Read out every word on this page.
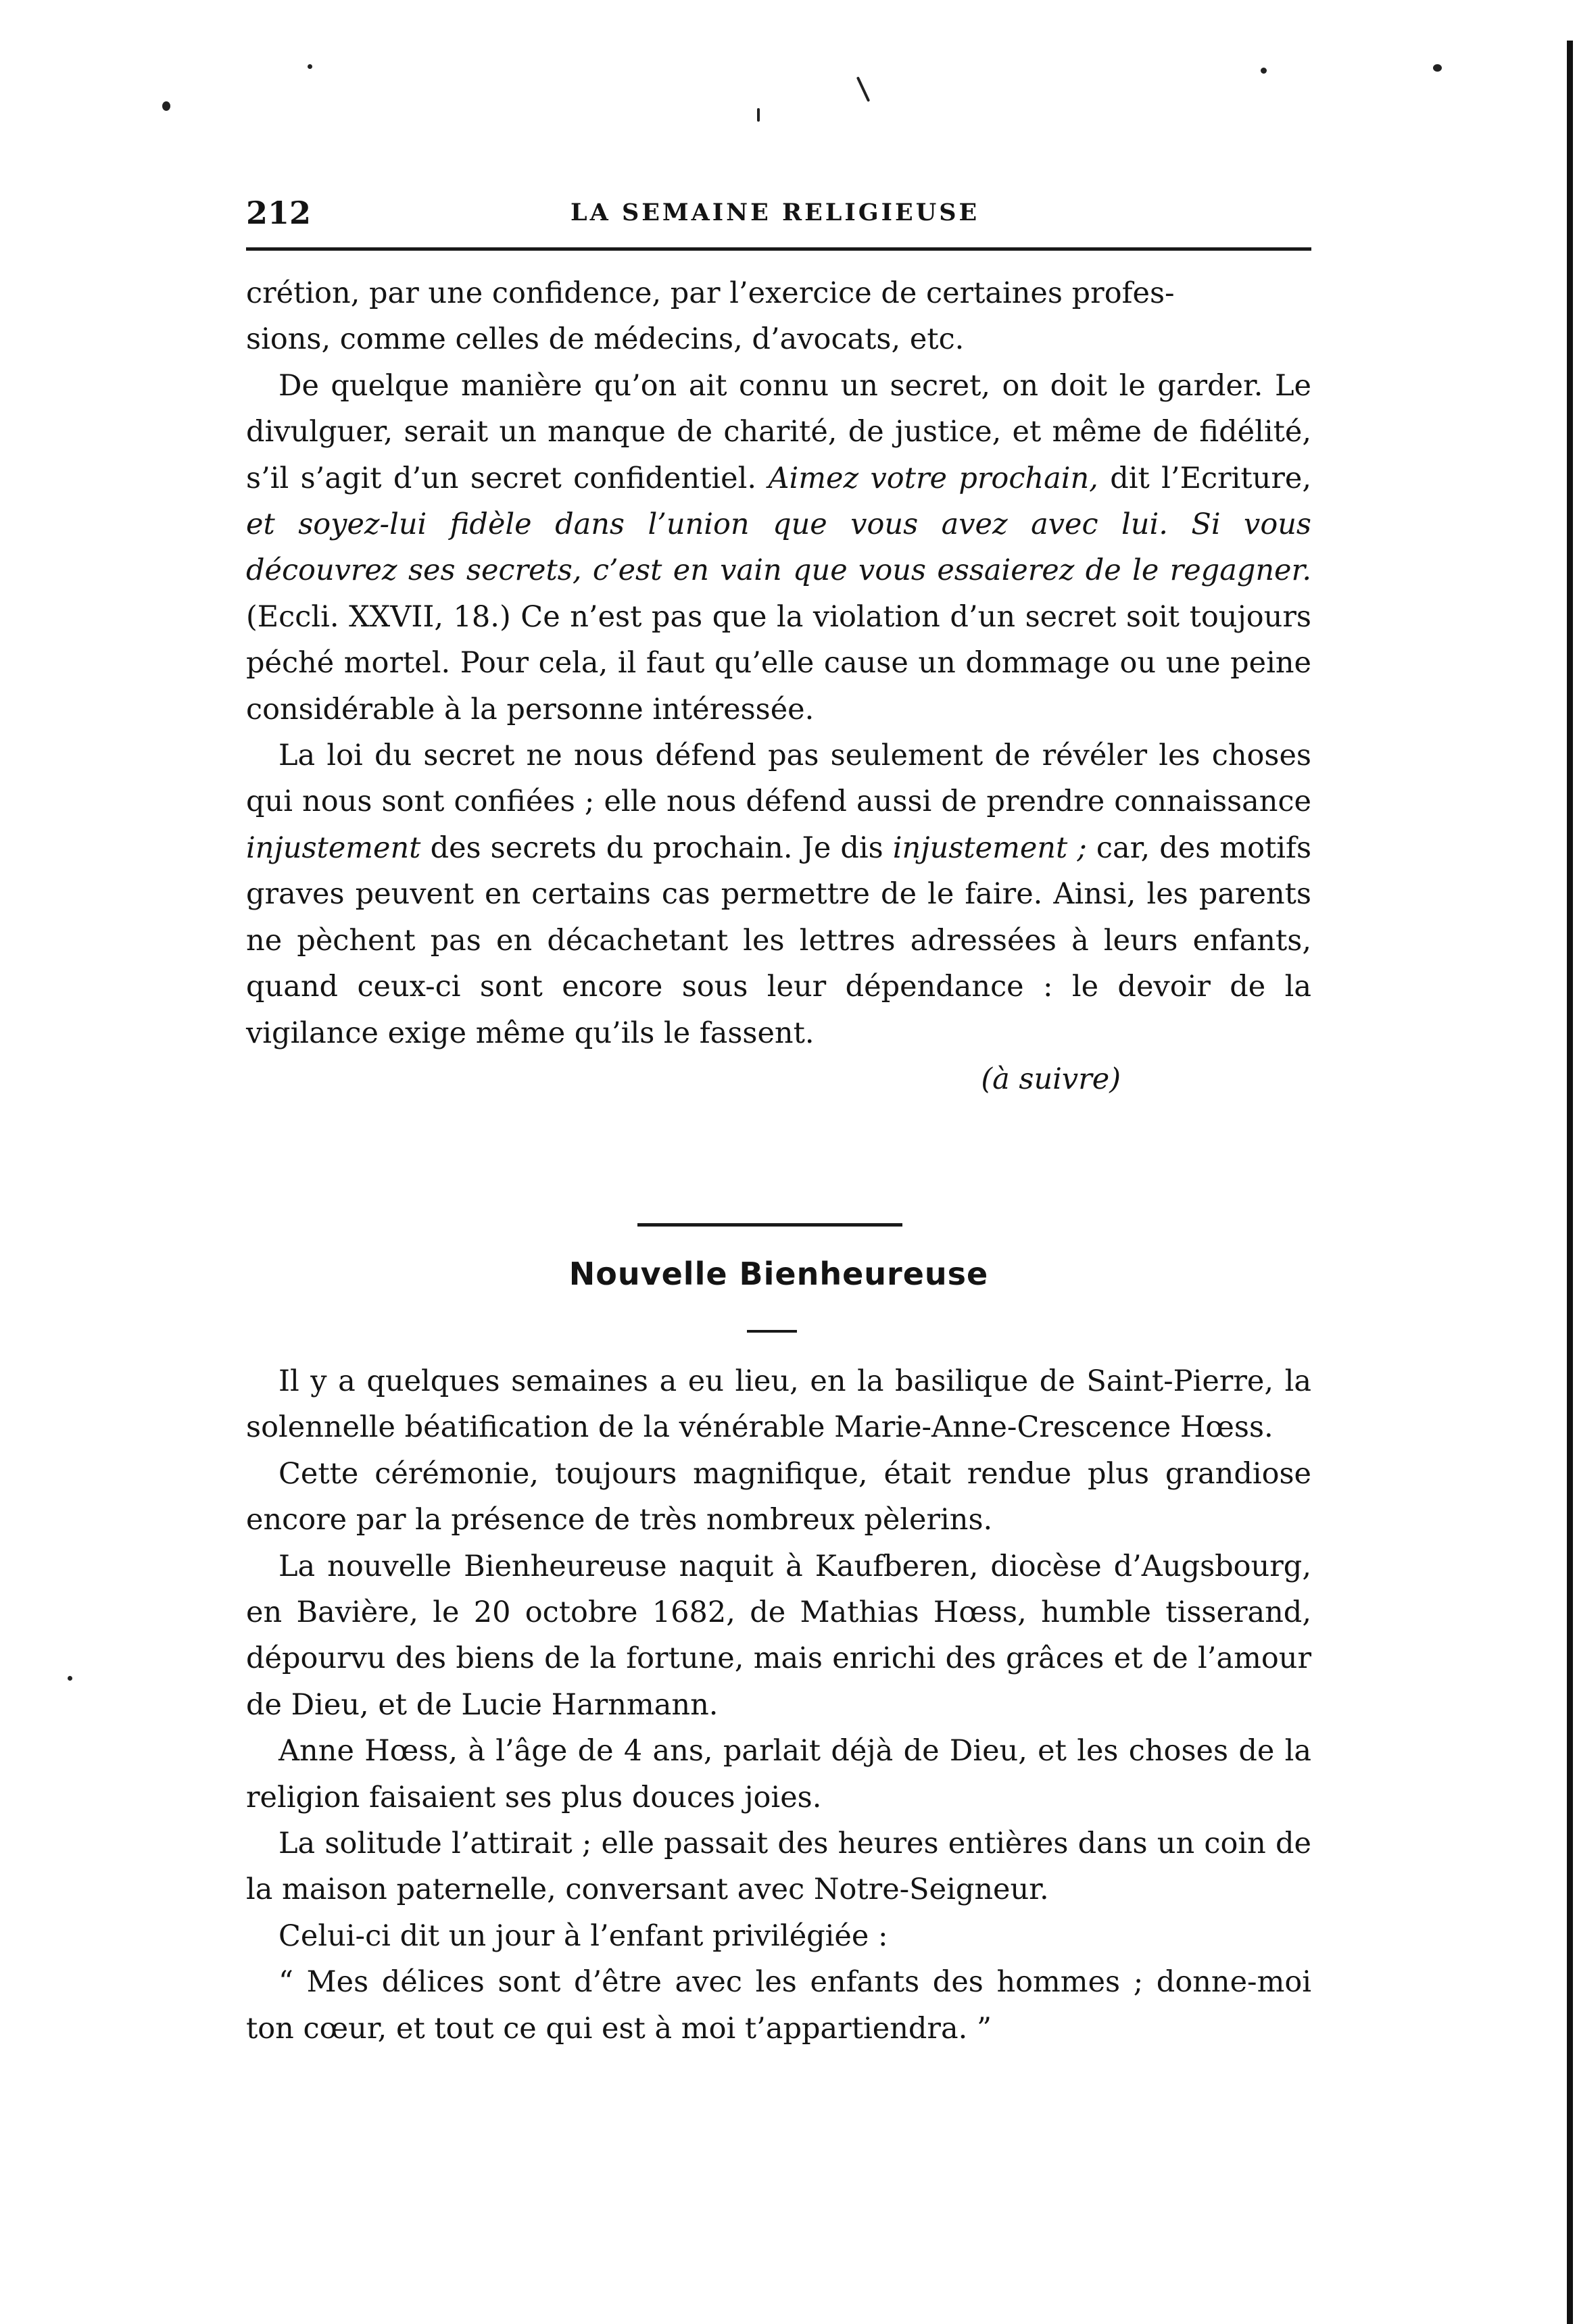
212	LA SEMAINE RELIGIEUSE

crétion, par une confidence, par l’exercice de certaines profes-
sions, comme celles de médecins, d’avocats, etc.

De quelque manière qu’on ait connu un secret, on doit le garder. Le divulguer, serait un manque de charité, de justice, et même de fidélité, s’il s’agit d’un secret confidentiel. Aimez votre prochain, dit l’Ecriture, et soyez-lui fidèle dans l’union que vous avez avec lui. Si vous découvrez ses secrets, c’est en vain que vous essaierez de le regagner. (Eccli. XXVII, 18.) Ce n’est pas que la violation d’un secret soit toujours péché mortel. Pour cela, il faut qu’elle cause un dommage ou une peine considérable à la personne intéressée.

La loi du secret ne nous défend pas seulement de révéler les choses qui nous sont confiées ; elle nous défend aussi de prendre connaissance injustement des secrets du prochain. Je dis injustement ; car, des motifs graves peuvent en certains cas permettre de le faire. Ainsi, les parents ne pèchent pas en décachetant les lettres adressées à leurs enfants, quand ceux-ci sont encore sous leur dépendance : le devoir de la vigilance exige même qu’ils le fassent.

(à suivre)

Nouvelle Bienheureuse

Il y a quelques semaines a eu lieu, en la basilique de Saint-Pierre, la solennelle béatification de la vénérable Marie-Anne-Crescence Hœss.

Cette cérémonie, toujours magnifique, était rendue plus grandiose encore par la présence de très nombreux pèlerins.

La nouvelle Bienheureuse naquit à Kaufberen, diocèse d’Augsbourg, en Bavière, le 20 octobre 1682, de Mathias Hœss, humble tisserand, dépourvu des biens de la fortune, mais enrichi des grâces et de l’amour de Dieu, et de Lucie Harnmann.

Anne Hœss, à l’âge de 4 ans, parlait déjà de Dieu, et les choses de la religion faisaient ses plus douces joies.

La solitude l’attirait ; elle passait des heures entières dans un coin de la maison paternelle, conversant avec Notre-Seigneur.

Celui-ci dit un jour à l’enfant privilégiée :

“ Mes délices sont d’être avec les enfants des hommes ; donne-moi ton cœur, et tout ce qui est à moi t’appartiendra. ”
